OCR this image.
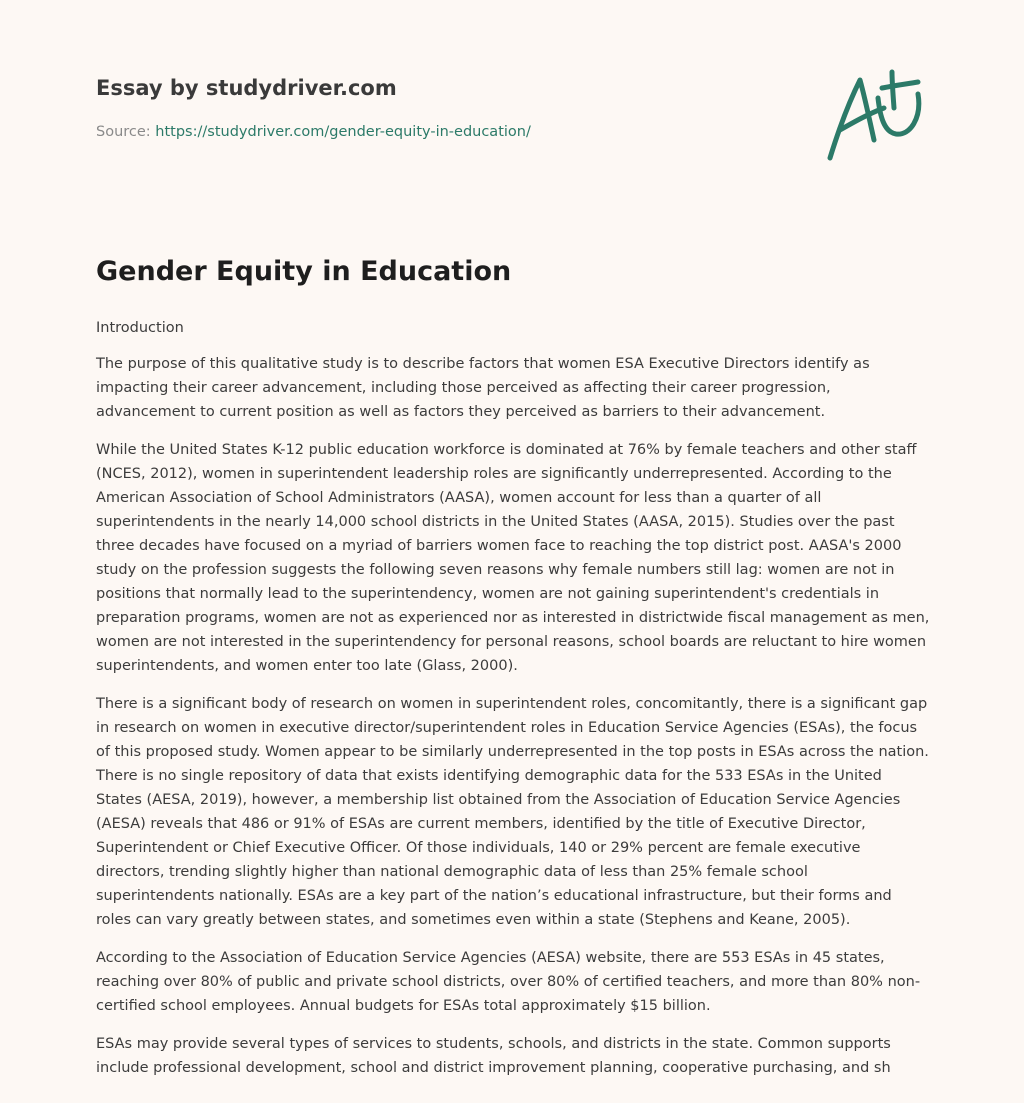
Essay by studydriver.com
Source: https://studydriver.com/gender-equity-in-education/
Gender Equity in Education

Introduction

The purpose of this qualitative study is to describe factors that women ESA Executive Directors identify as impacting their career advancement, including those perceived as affecting their career progression, advancement to current position as well as factors they perceived as barriers to their advancement.

While the United States K-12 public education workforce is dominated at 76% by female teachers and other staff (NCES, 2012), women in superintendent leadership roles are significantly underrepresented. According to the American Association of School Administrators (AASA), women account for less than a quarter of all superintendents in the nearly 14,000 school districts in the United States (AASA, 2015). Studies over the past three decades have focused on a myriad of barriers women face to reaching the top district post. AASA's 2000 study on the profession suggests the following seven reasons why female numbers still lag: women are not in positions that normally lead to the superintendency, women are not gaining superintendent's credentials in preparation programs, women are not as experienced nor as interested in districtwide fiscal management as men, women are not interested in the superintendency for personal reasons, school boards are reluctant to hire women superintendents, and women enter too late (Glass, 2000).

There is a significant body of research on women in superintendent roles, concomitantly, there is a significant gap in research on women in executive director/superintendent roles in Education Service Agencies (ESAs), the focus of this proposed study. Women appear to be similarly underrepresented in the top posts in ESAs across the nation. There is no single repository of data that exists identifying demographic data for the 533 ESAs in the United States (AESA, 2019), however, a membership list obtained from the Association of Education Service Agencies (AESA) reveals that 486 or 91% of ESAs are current members, identified by the title of Executive Director, Superintendent or Chief Executive Officer. Of those individuals, 140 or 29% percent are female executive directors, trending slightly higher than national demographic data of less than 25% female school superintendents nationally. ESAs are a key part of the nation’s educational infrastructure, but their forms and roles can vary greatly between states, and sometimes even within a state (Stephens and Keane, 2005).

According to the Association of Education Service Agencies (AESA) website, there are 553 ESAs in 45 states, reaching over 80% of public and private school districts, over 80% of certified teachers, and more than 80% non-certified school employees. Annual budgets for ESAs total approximately $15 billion.

ESAs may provide several types of services to students, schools, and districts in the state. Common supports include professional development, school and district improvement planning, cooperative purchasing, and sh
